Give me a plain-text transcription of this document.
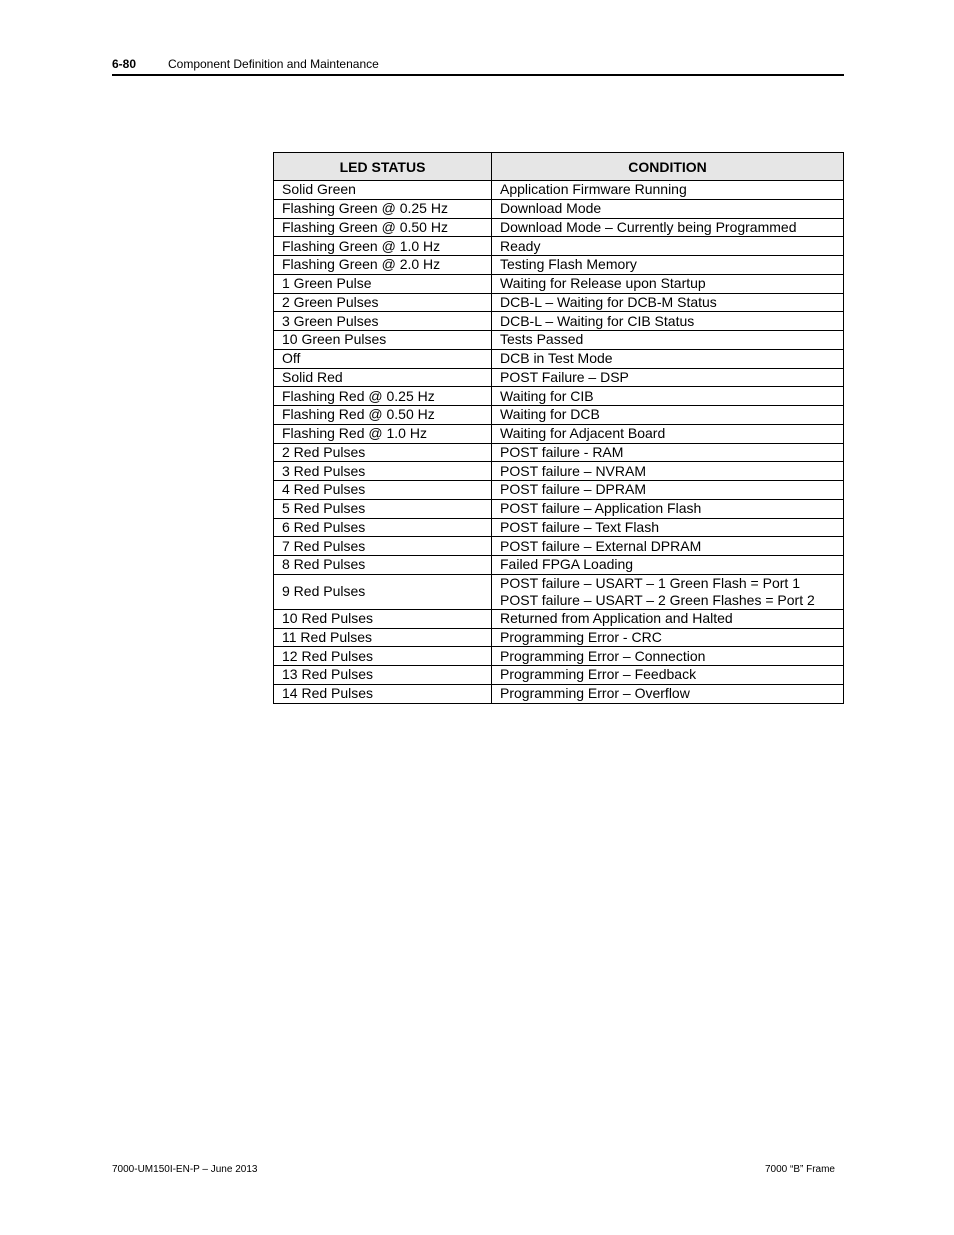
6-80	Component Definition and Maintenance
LED STATUS	CONDITION
Solid Green	Application Firmware Running

Flashing Green @ 0.25 Hz	Download Mode

Flashing Green @ 0.50 Hz	Download Mode – Currently being Programmed

Flashing Green @ 1.0 Hz	Ready

Flashing Green @ 2.0 Hz	Testing Flash Memory

1 Green Pulse	Waiting for Release upon Startup

2 Green Pulses	DCB-L – Waiting for DCB-M Status

3 Green Pulses	DCB-L – Waiting for CIB Status

10 Green Pulses	Tests Passed

Off	DCB in Test Mode

Solid Red	POST Failure – DSP

Flashing Red @ 0.25 Hz	Waiting for CIB

Flashing Red @ 0.50 Hz	Waiting for DCB

Flashing Red @ 1.0 Hz	Waiting for Adjacent Board

2 Red Pulses	POST failure - RAM

3 Red Pulses	POST failure – NVRAM

4 Red Pulses	POST failure – DPRAM

5 Red Pulses	POST failure – Application Flash

6 Red Pulses	POST failure – Text Flash

7 Red Pulses	POST failure – External DPRAM

8 Red Pulses	Failed FPGA Loading

9 Red Pulses	POST failure – USART – 1 Green Flash = Port 1
POST failure – USART – 2 Green Flashes = Port 2

10 Red Pulses	Returned from Application and Halted

11 Red Pulses	Programming Error - CRC

12 Red Pulses	Programming Error – Connection

13 Red Pulses	Programming Error – Feedback

14 Red Pulses	Programming Error – Overflow
7000-UM150I-EN-P – June 2013	7000 “B” Frame
